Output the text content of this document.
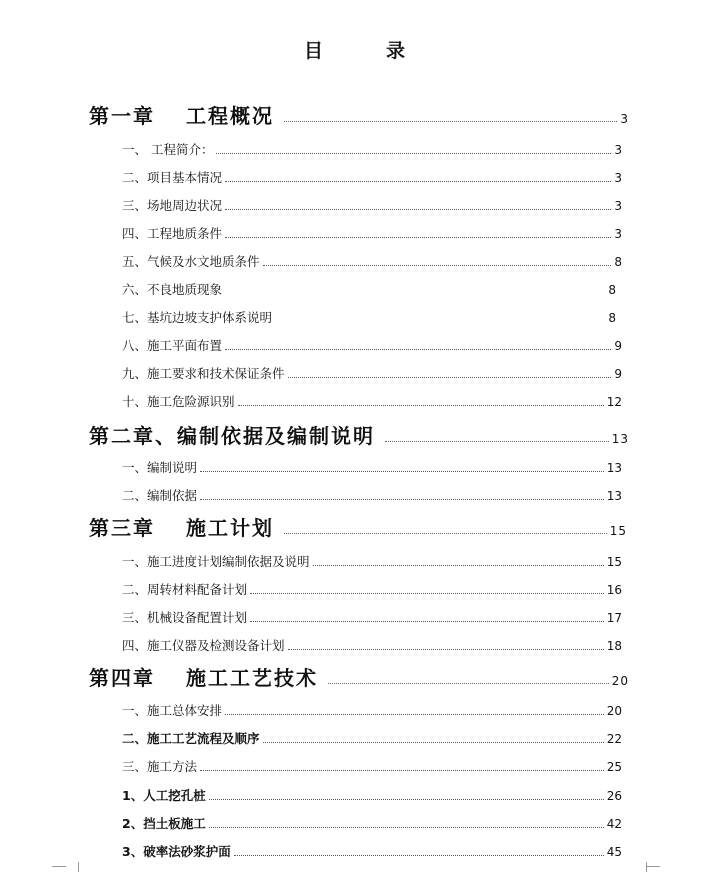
目　录
第一章　 工程概况	3
一、 工程简介：	3
二、项目基本情况	3
三、场地周边状况	3
四、工程地质条件	3
五、气候及水文地质条件	8
六、不良地质现象	8
七、基坑边坡支护体系说明	8
八、施工平面布置	9
九、施工要求和技术保证条件	9
十、施工危险源识别	12
第二章、编制依据及编制说明	13
一、编制说明	13
二、编制依据	13
第三章　 施工计划	15
一、施工进度计划编制依据及说明	15
二、周转材料配备计划	16
三、机械设备配置计划	17
四、施工仪器及检测设备计划	18
第四章　 施工工艺技术	20
一、施工总体安排	20
二、施工工艺流程及顺序	22
三、施工方法	25
1、人工挖孔桩	26
2、挡土板施工	42
3、破率法砂浆护面	45
